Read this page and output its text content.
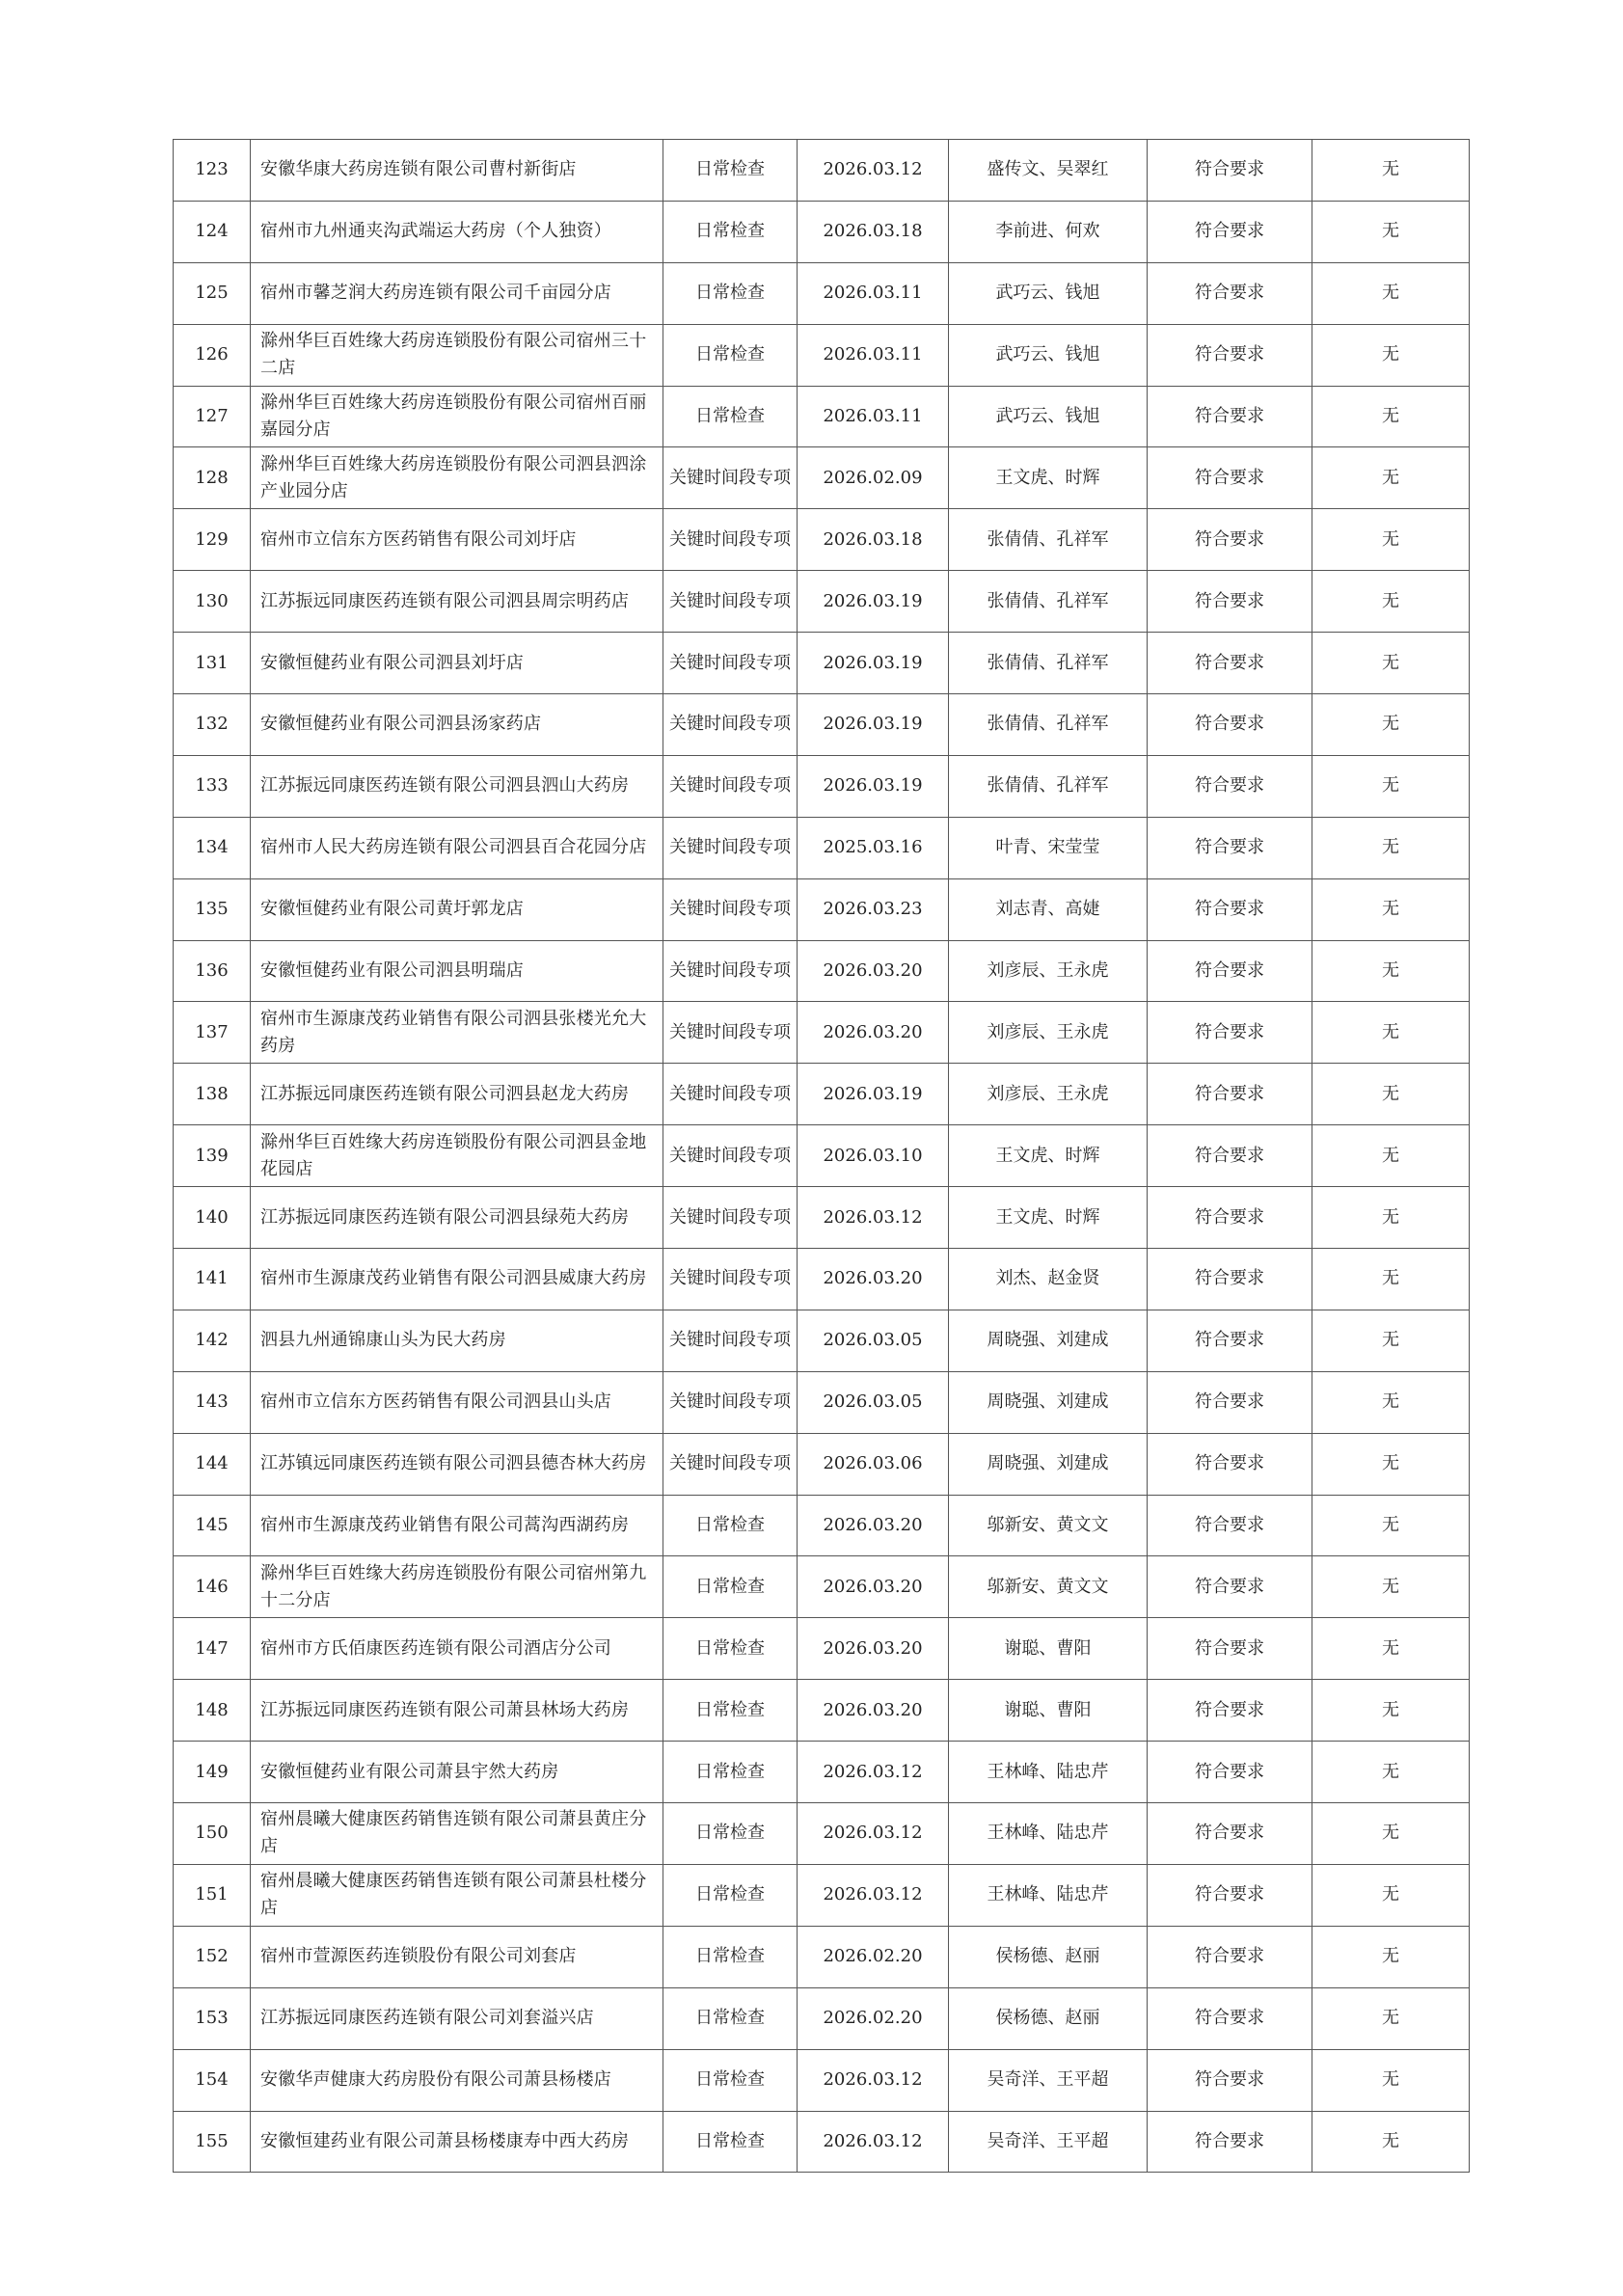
123	安徽华康大药房连锁有限公司曹村新街店	日常检查	2026.03.12	盛传文、吴翠红	符合要求	无
124	宿州市九州通夹沟武端运大药房（个人独资）	日常检查	2026.03.18	李前进、何欢	符合要求	无
125	宿州市馨芝润大药房连锁有限公司千亩园分店	日常检查	2026.03.11	武巧云、钱旭	符合要求	无
126	滁州华巨百姓缘大药房连锁股份有限公司宿州三十二店	日常检查	2026.03.11	武巧云、钱旭	符合要求	无
127	滁州华巨百姓缘大药房连锁股份有限公司宿州百丽嘉园分店	日常检查	2026.03.11	武巧云、钱旭	符合要求	无
128	滁州华巨百姓缘大药房连锁股份有限公司泗县泗涂产业园分店	关键时间段专项	2026.02.09	王文虎、时辉	符合要求	无
129	宿州市立信东方医药销售有限公司刘圩店	关键时间段专项	2026.03.18	张倩倩、孔祥军	符合要求	无
130	江苏振远同康医药连锁有限公司泗县周宗明药店	关键时间段专项	2026.03.19	张倩倩、孔祥军	符合要求	无
131	安徽恒健药业有限公司泗县刘圩店	关键时间段专项	2026.03.19	张倩倩、孔祥军	符合要求	无
132	安徽恒健药业有限公司泗县汤家药店	关键时间段专项	2026.03.19	张倩倩、孔祥军	符合要求	无
133	江苏振远同康医药连锁有限公司泗县泗山大药房	关键时间段专项	2026.03.19	张倩倩、孔祥军	符合要求	无
134	宿州市人民大药房连锁有限公司泗县百合花园分店	关键时间段专项	2025.03.16	叶青、宋莹莹	符合要求	无
135	安徽恒健药业有限公司黄圩郭龙店	关键时间段专项	2026.03.23	刘志青、高婕	符合要求	无
136	安徽恒健药业有限公司泗县明瑞店	关键时间段专项	2026.03.20	刘彦辰、王永虎	符合要求	无
137	宿州市生源康茂药业销售有限公司泗县张楼光允大药房	关键时间段专项	2026.03.20	刘彦辰、王永虎	符合要求	无
138	江苏振远同康医药连锁有限公司泗县赵龙大药房	关键时间段专项	2026.03.19	刘彦辰、王永虎	符合要求	无
139	滁州华巨百姓缘大药房连锁股份有限公司泗县金地花园店	关键时间段专项	2026.03.10	王文虎、时辉	符合要求	无
140	江苏振远同康医药连锁有限公司泗县绿苑大药房	关键时间段专项	2026.03.12	王文虎、时辉	符合要求	无
141	宿州市生源康茂药业销售有限公司泗县威康大药房	关键时间段专项	2026.03.20	刘杰、赵金贤	符合要求	无
142	泗县九州通锦康山头为民大药房	关键时间段专项	2026.03.05	周晓强、刘建成	符合要求	无
143	宿州市立信东方医药销售有限公司泗县山头店	关键时间段专项	2026.03.05	周晓强、刘建成	符合要求	无
144	江苏镇远同康医药连锁有限公司泗县德杏林大药房	关键时间段专项	2026.03.06	周晓强、刘建成	符合要求	无
145	宿州市生源康茂药业销售有限公司蒿沟西湖药房	日常检查	2026.03.20	邬新安、黄文文	符合要求	无
146	滁州华巨百姓缘大药房连锁股份有限公司宿州第九十二分店	日常检查	2026.03.20	邬新安、黄文文	符合要求	无
147	宿州市方氏佰康医药连锁有限公司酒店分公司	日常检查	2026.03.20	谢聪、曹阳	符合要求	无
148	江苏振远同康医药连锁有限公司萧县林场大药房	日常检查	2026.03.20	谢聪、曹阳	符合要求	无
149	安徽恒健药业有限公司萧县宇然大药房	日常检查	2026.03.12	王林峰、陆忠芹	符合要求	无
150	宿州晨曦大健康医药销售连锁有限公司萧县黄庄分店	日常检查	2026.03.12	王林峰、陆忠芹	符合要求	无
151	宿州晨曦大健康医药销售连锁有限公司萧县杜楼分店	日常检查	2026.03.12	王林峰、陆忠芹	符合要求	无
152	宿州市萱源医药连锁股份有限公司刘套店	日常检查	2026.02.20	侯杨德、赵丽	符合要求	无
153	江苏振远同康医药连锁有限公司刘套溢兴店	日常检查	2026.02.20	侯杨德、赵丽	符合要求	无
154	安徽华声健康大药房股份有限公司萧县杨楼店	日常检查	2026.03.12	吴奇洋、王平超	符合要求	无
155	安徽恒建药业有限公司萧县杨楼康寿中西大药房	日常检查	2026.03.12	吴奇洋、王平超	符合要求	无
